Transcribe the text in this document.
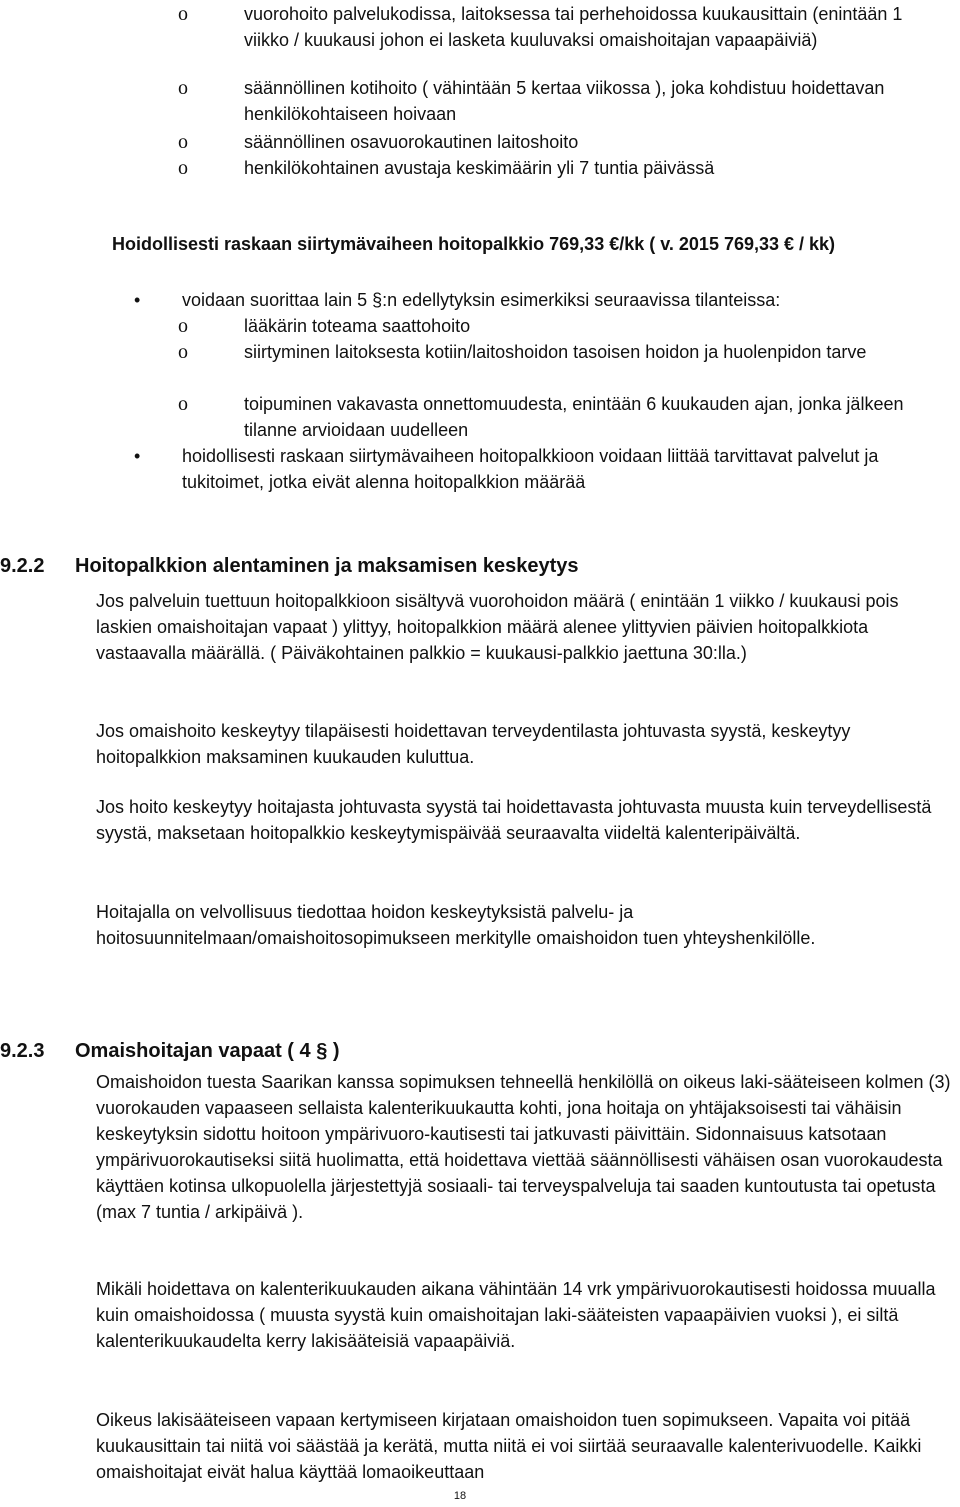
o	vuorohoito palvelukodissa, laitoksessa tai perhehoidossa kuukausittain (enintään 1 viikko / kuukausi johon ei lasketa kuuluvaksi omaishoitajan vapaapäiviä)
o	säännöllinen kotihoito ( vähintään 5 kertaa viikossa ), joka kohdistuu hoidettavan henkilökohtaiseen hoivaan
o	säännöllinen osavuorokautinen laitoshoito
o	henkilökohtainen avustaja keskimäärin yli 7 tuntia päivässä
Hoidollisesti raskaan siirtymävaiheen hoitopalkkio 769,33 €/kk ( v. 2015 769,33 € / kk)
• voidaan suorittaa lain 5 §:n edellytyksin esimerkiksi seuraavissa tilanteissa:
o	lääkärin toteama saattohoito
o	siirtyminen laitoksesta kotiin/laitoshoidon tasoisen hoidon ja huolenpidon tarve
o	toipuminen vakavasta onnettomuudesta, enintään 6 kuukauden ajan, jonka jälkeen tilanne arvioidaan uudelleen
• hoidollisesti raskaan siirtymävaiheen hoitopalkkioon voidaan liittää tarvittavat palvelut ja tukitoimet, jotka eivät alenna hoitopalkkion määrää
9.2.2 Hoitopalkkion alentaminen ja maksamisen keskeytys
Jos palveluin tuettuun hoitopalkkioon sisältyvä vuorohoidon määrä ( enintään 1 viikko / kuukausi pois laskien omaishoitajan vapaat ) ylittyy, hoitopalkkion määrä alenee ylittyvien päivien hoitopalkkiota vastaavalla määrällä. ( Päiväkohtainen palkkio = kuukausi-palkkio jaettuna 30:lla.)
Jos omaishoito keskeytyy tilapäisesti hoidettavan terveydentilasta johtuvasta syystä, keskeytyy hoitopalkkion maksaminen kuukauden kuluttua.
Jos hoito keskeytyy hoitajasta johtuvasta syystä tai hoidettavasta johtuvasta muusta kuin terveydellisestä syystä, maksetaan hoitopalkkio keskeytymispäivää seuraavalta viideltä kalenteripäivältä.
Hoitajalla on velvollisuus tiedottaa hoidon keskeytyksistä palvelu- ja hoitosuunnitelmaan/omaishoitosopimukseen merkitylle omaishoidon tuen yhteyshenkilölle.
9.2.3 Omaishoitajan vapaat ( 4 § )
Omaishoidon tuesta Saarikan kanssa sopimuksen tehneellä henkilöllä on oikeus laki-sääteiseen kolmen (3) vuorokauden vapaaseen sellaista kalenterikuukautta kohti, jona hoitaja on yhtäjaksoisesti tai vähäisin keskeytyksin sidottu hoitoon ympärivuoro-kautisesti tai jatkuvasti päivittäin. Sidonnaisuus katsotaan ympärivuorokautiseksi siitä huolimatta, että hoidettava viettää säännöllisesti vähäisen osan vuorokaudesta käyttäen kotinsa ulkopuolella järjestettyjä sosiaali- tai terveyspalveluja tai saaden kuntoutusta tai opetusta (max 7 tuntia / arkipäivä ).
Mikäli hoidettava on kalenterikuukauden aikana vähintään 14 vrk ympärivuorokautisesti hoidossa muualla kuin omaishoidossa ( muusta syystä kuin omaishoitajan laki-sääteisten vapaapäivien vuoksi ), ei siltä kalenterikuukaudelta kerry lakisääteisiä vapaapäiviä.
Oikeus lakisääteiseen vapaan kertymiseen kirjataan omaishoidon tuen sopimukseen. Vapaita voi pitää kuukausittain tai niitä voi säästää ja kerätä, mutta niitä ei voi siirtää seuraavalle kalenterivuodelle. Kaikki omaishoitajat eivät halua käyttää lomaoikeuttaan
18
